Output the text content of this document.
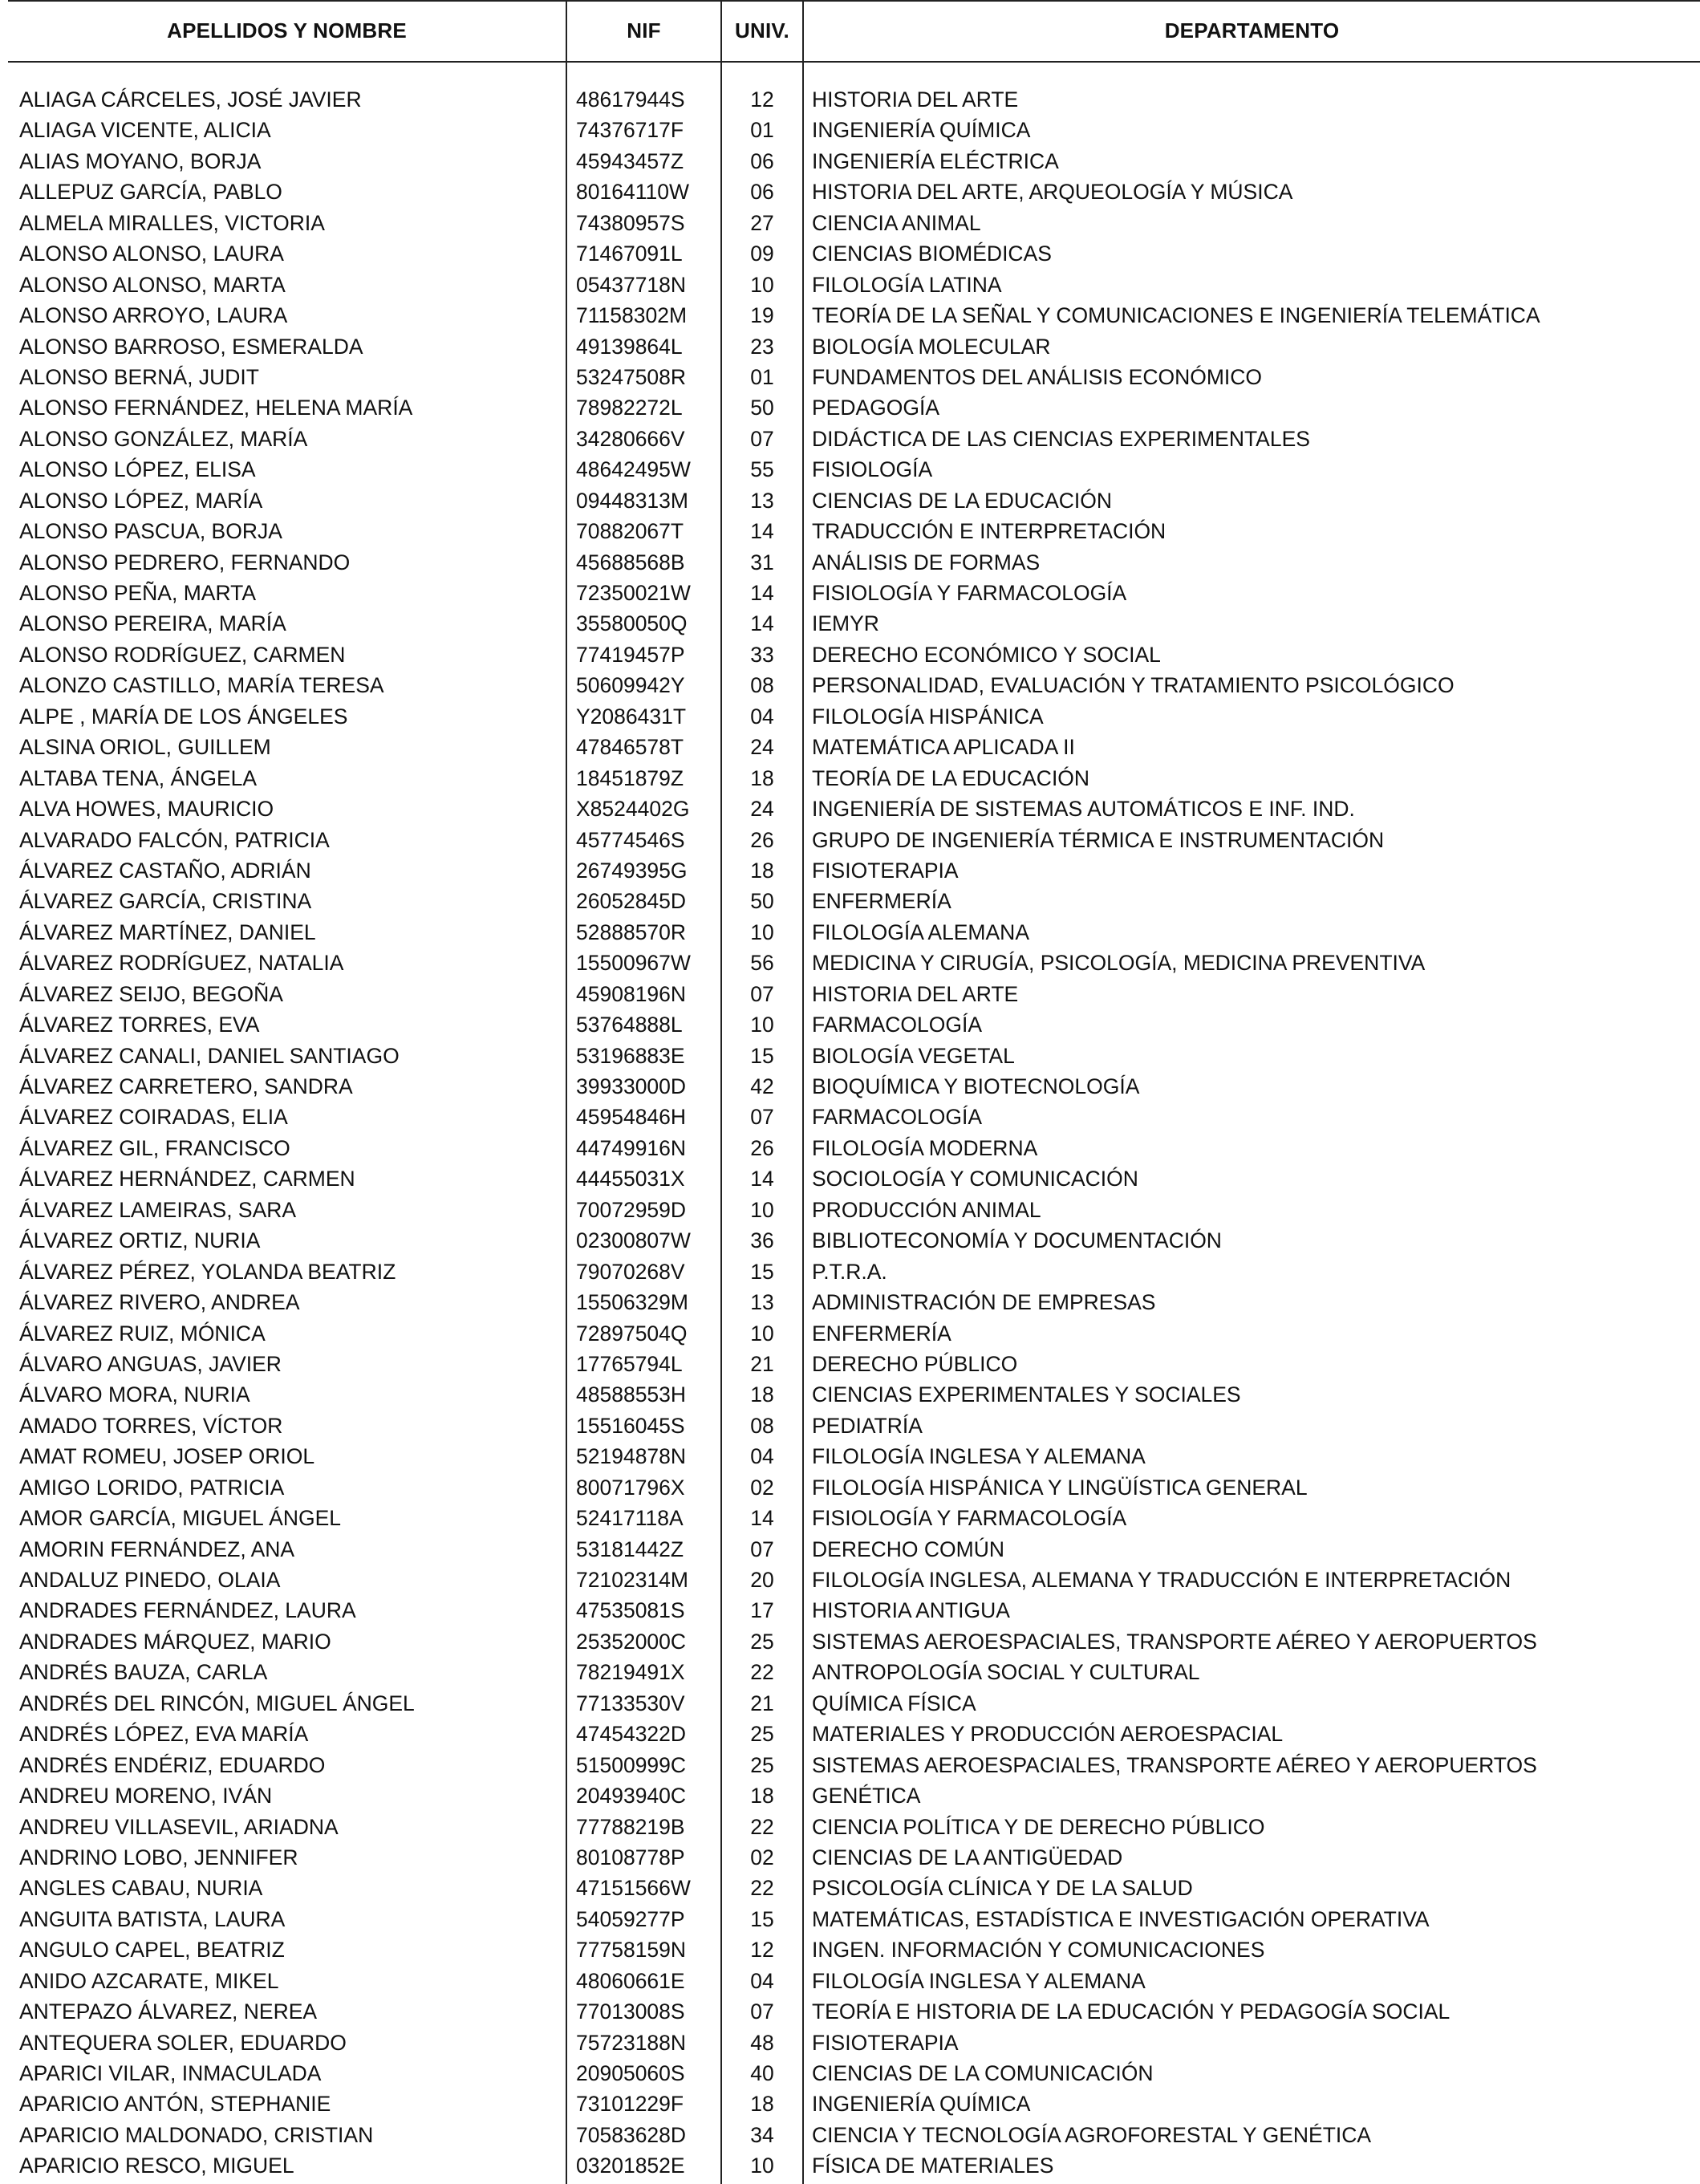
APELLIDOS Y NOMBRE	NIF	UNIV.	DEPARTAMENTO
ALIAGA CÁRCELES, JOSÉ JAVIER	48617944S	12	HISTORIA DEL ARTE
ALIAGA VICENTE, ALICIA	74376717F	01	INGENIERÍA QUÍMICA
ALIAS MOYANO, BORJA	45943457Z	06	INGENIERÍA ELÉCTRICA
ALLEPUZ GARCÍA, PABLO	80164110W	06	HISTORIA DEL ARTE, ARQUEOLOGÍA Y MÚSICA
ALMELA MIRALLES, VICTORIA	74380957S	27	CIENCIA ANIMAL
ALONSO ALONSO, LAURA	71467091L	09	CIENCIAS BIOMÉDICAS
ALONSO ALONSO, MARTA	05437718N	10	FILOLOGÍA LATINA
ALONSO ARROYO, LAURA	71158302M	19	TEORÍA DE LA SEÑAL Y COMUNICACIONES E INGENIERÍA TELEMÁTICA
ALONSO BARROSO, ESMERALDA	49139864L	23	BIOLOGÍA MOLECULAR
ALONSO BERNÁ, JUDIT	53247508R	01	FUNDAMENTOS DEL ANÁLISIS ECONÓMICO
ALONSO FERNÁNDEZ, HELENA MARÍA	78982272L	50	PEDAGOGÍA
ALONSO GONZÁLEZ, MARÍA	34280666V	07	DIDÁCTICA DE LAS CIENCIAS EXPERIMENTALES
ALONSO LÓPEZ, ELISA	48642495W	55	FISIOLOGÍA
ALONSO LÓPEZ, MARÍA	09448313M	13	CIENCIAS DE LA EDUCACIÓN
ALONSO PASCUA, BORJA	70882067T	14	TRADUCCIÓN E INTERPRETACIÓN
ALONSO PEDRERO, FERNANDO	45688568B	31	ANÁLISIS DE FORMAS
ALONSO PEÑA, MARTA	72350021W	14	FISIOLOGÍA Y FARMACOLOGÍA
ALONSO PEREIRA, MARÍA	35580050Q	14	IEMYR
ALONSO RODRÍGUEZ, CARMEN	77419457P	33	DERECHO ECONÓMICO Y SOCIAL
ALONZO CASTILLO, MARÍA TERESA	50609942Y	08	PERSONALIDAD, EVALUACIÓN Y TRATAMIENTO PSICOLÓGICO
ALPE , MARÍA DE LOS ÁNGELES	Y2086431T	04	FILOLOGÍA HISPÁNICA
ALSINA ORIOL, GUILLEM	47846578T	24	MATEMÁTICA APLICADA II
ALTABA TENA, ÁNGELA	18451879Z	18	TEORÍA DE LA EDUCACIÓN
ALVA HOWES, MAURICIO	X8524402G	24	INGENIERÍA DE SISTEMAS AUTOMÁTICOS E INF. IND.
ALVARADO FALCÓN, PATRICIA	45774546S	26	GRUPO DE INGENIERÍA TÉRMICA E INSTRUMENTACIÓN
ÁLVAREZ CASTAÑO, ADRIÁN	26749395G	18	FISIOTERAPIA
ÁLVAREZ GARCÍA, CRISTINA	26052845D	50	ENFERMERÍA
ÁLVAREZ MARTÍNEZ, DANIEL	52888570R	10	FILOLOGÍA ALEMANA
ÁLVAREZ RODRÍGUEZ, NATALIA	15500967W	56	MEDICINA Y CIRUGÍA, PSICOLOGÍA, MEDICINA PREVENTIVA
ÁLVAREZ SEIJO, BEGOÑA	45908196N	07	HISTORIA DEL ARTE
ÁLVAREZ TORRES, EVA	53764888L	10	FARMACOLOGÍA
ÁLVAREZ CANALI, DANIEL SANTIAGO	53196883E	15	BIOLOGÍA VEGETAL
ÁLVAREZ CARRETERO, SANDRA	39933000D	42	BIOQUÍMICA Y BIOTECNOLOGÍA
ÁLVAREZ COIRADAS, ELIA	45954846H	07	FARMACOLOGÍA
ÁLVAREZ GIL, FRANCISCO	44749916N	26	FILOLOGÍA MODERNA
ÁLVAREZ HERNÁNDEZ, CARMEN	44455031X	14	SOCIOLOGÍA Y COMUNICACIÓN
ÁLVAREZ LAMEIRAS, SARA	70072959D	10	PRODUCCIÓN ANIMAL
ÁLVAREZ ORTIZ, NURIA	02300807W	36	BIBLIOTECONOMÍA Y DOCUMENTACIÓN
ÁLVAREZ PÉREZ, YOLANDA BEATRIZ	79070268V	15	P.T.R.A.
ÁLVAREZ RIVERO, ANDREA	15506329M	13	ADMINISTRACIÓN DE EMPRESAS
ÁLVAREZ RUIZ, MÓNICA	72897504Q	10	ENFERMERÍA
ÁLVARO ANGUAS, JAVIER	17765794L	21	DERECHO PÚBLICO
ÁLVARO MORA, NURIA	48588553H	18	CIENCIAS EXPERIMENTALES Y SOCIALES
AMADO TORRES, VÍCTOR	15516045S	08	PEDIATRÍA
AMAT ROMEU, JOSEP ORIOL	52194878N	04	FILOLOGÍA INGLESA Y ALEMANA
AMIGO LORIDO, PATRICIA	80071796X	02	FILOLOGÍA HISPÁNICA Y LINGÜÍSTICA GENERAL
AMOR GARCÍA, MIGUEL ÁNGEL	52417118A	14	FISIOLOGÍA Y FARMACOLOGÍA
AMORIN FERNÁNDEZ, ANA	53181442Z	07	DERECHO COMÚN
ANDALUZ PINEDO, OLAIA	72102314M	20	FILOLOGÍA INGLESA, ALEMANA Y TRADUCCIÓN E INTERPRETACIÓN
ANDRADES FERNÁNDEZ, LAURA	47535081S	17	HISTORIA ANTIGUA
ANDRADES MÁRQUEZ, MARIO	25352000C	25	SISTEMAS AEROESPACIALES, TRANSPORTE AÉREO Y AEROPUERTOS
ANDRÉS BAUZA, CARLA	78219491X	22	ANTROPOLOGÍA SOCIAL Y CULTURAL
ANDRÉS DEL RINCÓN, MIGUEL ÁNGEL	77133530V	21	QUÍMICA FÍSICA
ANDRÉS LÓPEZ, EVA MARÍA	47454322D	25	MATERIALES Y PRODUCCIÓN AEROESPACIAL
ANDRÉS ENDÉRIZ, EDUARDO	51500999C	25	SISTEMAS AEROESPACIALES, TRANSPORTE AÉREO Y AEROPUERTOS
ANDREU MORENO, IVÁN	20493940C	18	GENÉTICA
ANDREU VILLASEVIL, ARIADNA	77788219B	22	CIENCIA POLÍTICA Y DE DERECHO PÚBLICO
ANDRINO LOBO, JENNIFER	80108778P	02	CIENCIAS DE LA ANTIGÜEDAD
ANGLES CABAU, NURIA	47151566W	22	PSICOLOGÍA CLÍNICA Y DE LA SALUD
ANGUITA BATISTA, LAURA	54059277P	15	MATEMÁTICAS, ESTADÍSTICA E INVESTIGACIÓN OPERATIVA
ANGULO CAPEL, BEATRIZ	77758159N	12	INGEN. INFORMACIÓN Y COMUNICACIONES
ANIDO AZCARATE, MIKEL	48060661E	04	FILOLOGÍA INGLESA Y ALEMANA
ANTEPAZO ÁLVAREZ, NEREA	77013008S	07	TEORÍA E HISTORIA DE LA EDUCACIÓN Y PEDAGOGÍA SOCIAL
ANTEQUERA SOLER, EDUARDO	75723188N	48	FISIOTERAPIA
APARICI VILAR, INMACULADA	20905060S	40	CIENCIAS DE LA COMUNICACIÓN
APARICIO ANTÓN, STEPHANIE	73101229F	18	INGENIERÍA QUÍMICA
APARICIO MALDONADO, CRISTIAN	70583628D	34	CIENCIA Y TECNOLOGÍA AGROFORESTAL Y GENÉTICA
APARICIO RESCO, MIGUEL	03201852E	10	FÍSICA DE MATERIALES
